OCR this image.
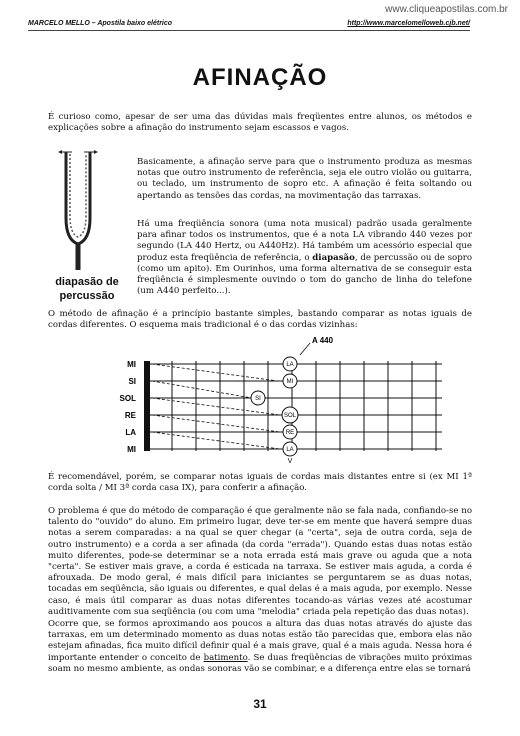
www.cliqueapostilas.com.br
MARCELO MELLO – Apostila baixo elétrico	http://www.marcelomelloweb.cjb.net/
AFINAÇÃO

É curioso como, apesar de ser uma das dúvidas mais freqüentes entre alunos, os métodos e explicações sobre a afinação do instrumento sejam escassos e vagos.

Basicamente, a afinação serve para que o instrumento produza as mesmas notas que outro instrumento de referência, seja ele outro violão ou guitarra, ou teclado, um instrumento de sopro etc. A afinação é feita soltando ou apertando as tensões das cordas, na movimentação das tarraxas.

Há uma freqüência sonora (uma nota musical) padrão usada geralmente para afinar todos os instrumentos, que é a nota LA vibrando 440 vezes por segundo (LA 440 Hertz, ou A440Hz). Há também um acessório especial que produz esta freqüência de referência, o diapasão, de percussão ou de sopro (como um apito). Em Ourinhos, uma forma alternativa de se conseguir esta freqüência é simplesmente ouvindo o tom do gancho de linha do telefone (um A440 perfeito...).

diapasão de
percussão

O método de afinação é a princípio bastante simples, bastando comparar as notas iguais de cordas diferentes. O esquema mais tradicional é o das cordas vizinhas:

A 440
MI
SI
SOL
RE
LA
MI
LA
MI
SI
SOL
RE
LA
V

É recomendável, porém, se comparar notas iguais de cordas mais distantes entre si (ex MI 1ª corda solta / MI 3ª corda casa IX), para conferir a afinação.

O problema é que do método de comparação é que geralmente não se fala nada, confiando-se no talento do "ouvido" do aluno. Em primeiro lugar, deve ter-se em mente que haverá sempre duas notas a serem comparadas: a na qual se quer chegar (a "certa", seja de outra corda, seja de outro instrumento) e a corda a ser afinada (da corda "errada"). Quando estas duas notas estão muito diferentes, pode-se determinar se a nota errada está mais grave ou aguda que a nota "certa". Se estiver mais grave, a corda é esticada na tarraxa. Se estiver mais aguda, a corda é afrouxada. De modo geral, é mais difícil para iniciantes se perguntarem se as duas notas, tocadas em seqüência, são iguais ou diferentes, e qual delas é a mais aguda, por exemplo. Nesse caso, é mais útil comparar as duas notas diferentes tocando-as várias vezes até acostumar auditivamente com sua seqüência (ou com uma "melodia" criada pela repetição das duas notas).

Ocorre que, se formos aproximando aos poucos a altura das duas notas através do ajuste das tarraxas, em um determinado momento as duas notas estão tão parecidas que, embora elas não estejam afinadas, fica muito difícil definir qual é a mais grave, qual é a mais aguda. Nessa hora é importante entender o conceito de batimento. Se duas freqüências de vibrações muito próximas soam no mesmo ambiente, as ondas sonoras vão se combinar, e a diferença entre elas se tornará

31
